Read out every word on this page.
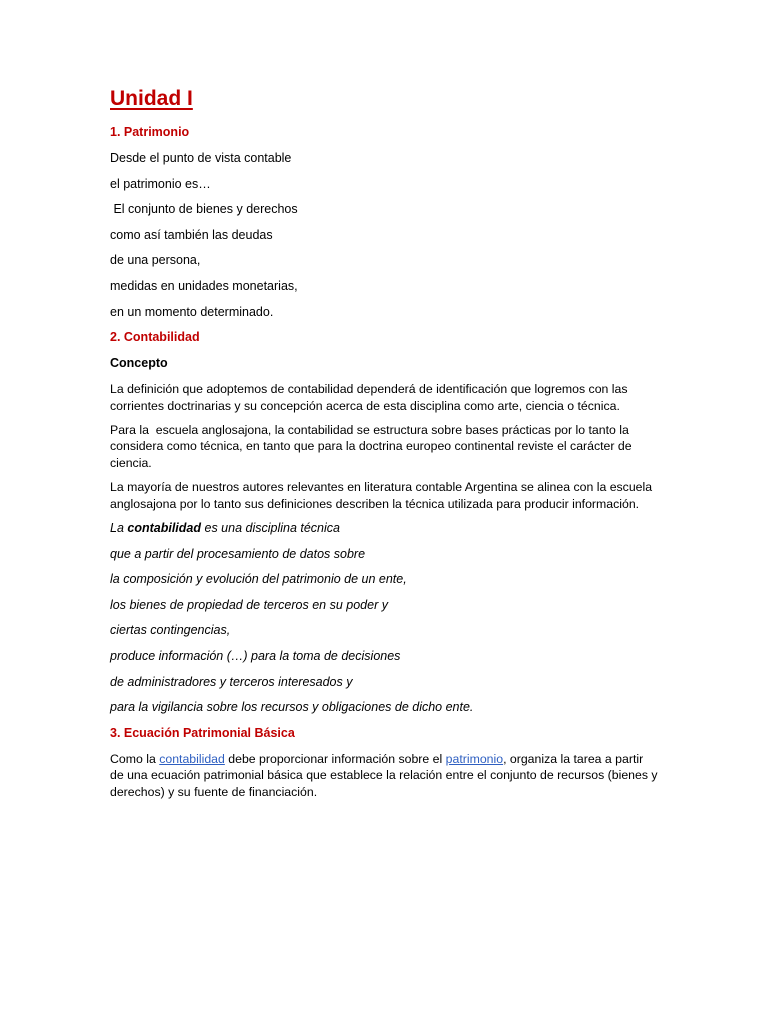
Unidad I
1. Patrimonio
Desde el punto de vista contable
el patrimonio es…
El conjunto de bienes y derechos
como así también las deudas
de una persona,
medidas en unidades monetarias,
en un momento determinado.
2. Contabilidad
Concepto
La definición que adoptemos de contabilidad dependerá de identificación que logremos con las corrientes doctrinarias y su concepción acerca de esta disciplina como arte, ciencia o técnica.
Para la  escuela anglosajona, la contabilidad se estructura sobre bases prácticas por lo tanto la considera como técnica, en tanto que para la doctrina europeo continental reviste el carácter de ciencia.
La mayoría de nuestros autores relevantes en literatura contable Argentina se alinea con la escuela anglosajona por lo tanto sus definiciones describen la técnica utilizada para producir información.
La contabilidad es una disciplina técnica
que a partir del procesamiento de datos sobre
la composición y evolución del patrimonio de un ente,
los bienes de propiedad de terceros en su poder y
ciertas contingencias,
produce información (…) para la toma de decisiones
de administradores y terceros interesados y
para la vigilancia sobre los recursos y obligaciones de dicho ente.
3. Ecuación Patrimonial Básica
Como la contabilidad debe proporcionar información sobre el patrimonio, organiza la tarea a partir de una ecuación patrimonial básica que establece la relación entre el conjunto de recursos (bienes y derechos) y su fuente de financiación.
